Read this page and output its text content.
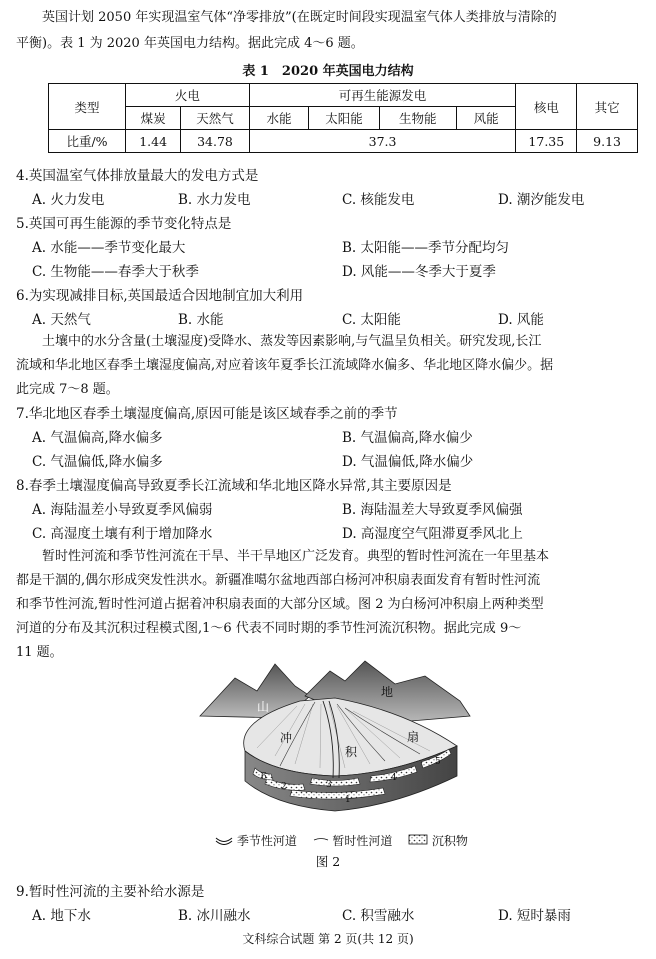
英国计划 2050 年实现温室气体“净零排放”(在既定时间段实现温室气体人类排放与清除的
平衡)。表 1 为 2020 年英国电力结构。据此完成 4～6 题。
表 1　2020 年英国电力结构
类型	火电		可再生能源发电				核电	其它
	煤炭	天然气	水能	太阳能	生物能	风能		
比重/%	1.44	34.78	37.3				17.35	9.13
4.英国温室气体排放量最大的发电方式是
A. 火力发电	B. 水力发电	C. 核能发电	D. 潮汐能发电
5.英国可再生能源的季节变化特点是
A. 水能——季节变化最大	B. 太阳能——季节分配均匀
C. 生物能——春季大于秋季	D. 风能——冬季大于夏季
6.为实现减排目标,英国最适合因地制宜加大利用
A. 天然气	B. 水能	C. 太阳能	D. 风能
土壤中的水分含量(土壤湿度)受降水、蒸发等因素影响,与气温呈负相关。研究发现,长江
流域和华北地区春季土壤湿度偏高,对应着该年夏季长江流域降水偏多、华北地区降水偏少。据
此完成 7～8 题。
7.华北地区春季土壤湿度偏高,原因可能是该区域春季之前的季节
A. 气温偏高,降水偏多	B. 气温偏高,降水偏少
C. 气温偏低,降水偏多	D. 气温偏低,降水偏少
8.春季土壤湿度偏高导致夏季长江流域和华北地区降水异常,其主要原因是
A. 海陆温差小导致夏季风偏弱	B. 海陆温差大导致夏季风偏强
C. 高湿度土壤有利于增加降水	D. 高湿度空气阻滞夏季风北上
暂时性河流和季节性河流在干旱、半干旱地区广泛发育。典型的暂时性河流在一年里基本
都是干涸的,偶尔形成突发性洪水。新疆准噶尔盆地西部白杨河冲积扇表面发育有暂时性河流
和季节性河流,暂时性河道占据着冲积扇表面的大部分区域。图 2 为白杨河冲积扇上两种类型
河道的分布及其沉积过程模式图,1～6 代表不同时期的季节性河流沉积物。据此完成 9～
11 题。
山
地
冲
积
扇
1
2	3
4
5
6
季节性河道	暂时性河道	沉积物
图 2
9.暂时性河流的主要补给水源是
A. 地下水	B. 冰川融水	C. 积雪融水	D. 短时暴雨
文科综合试题 第 2 页(共 12 页)
